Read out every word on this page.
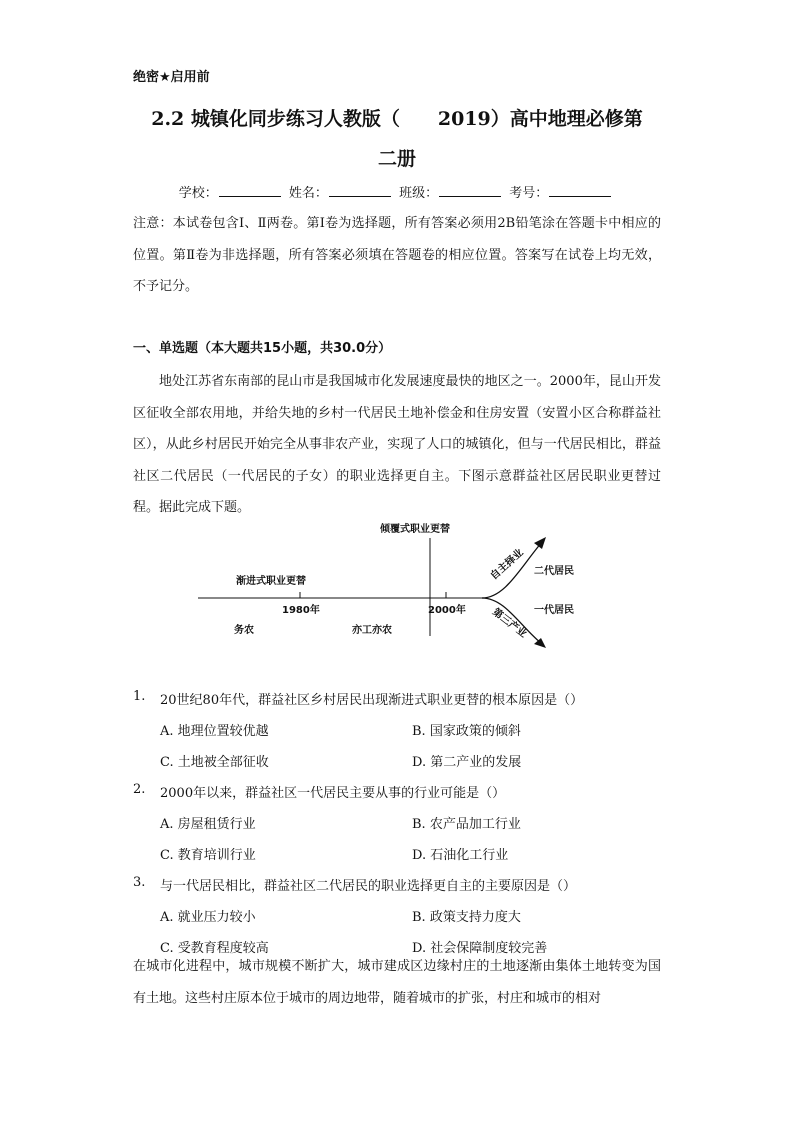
绝密★启用前
2.2 城镇化同步练习人教版（　　2019）高中地理必修第
二册
学校：	姓名：	班级：	考号：
注意：本试卷包含Ⅰ、Ⅱ两卷。第Ⅰ卷为选择题，所有答案必须用2B铅笔涂在答题卡中相应的位置。第Ⅱ卷为非选择题，所有答案必须填在答题卷的相应位置。答案写在试卷上均无效，不予记分。
一、单选题（本大题共15小题，共30.0分）
地处江苏省东南部的昆山市是我国城市化发展速度最快的地区之一。2000年，昆山开发区征收全部农用地，并给失地的乡村一代居民土地补偿金和住房安置（安置小区合称群益社区），从此乡村居民开始完全从事非农产业，实现了人口的城镇化，但与一代居民相比，群益社区二代居民（一代居民的子女）的职业选择更自主。下图示意群益社区居民职业更替过程。据此完成下题。
倾覆式职业更替
渐进式职业更替
1980年	2000年
务农	亦工亦农
自主择业
第三产业
二代居民
一代居民
1.	20世纪80年代，群益社区乡村居民出现渐进式职业更替的根本原因是（）
A. 地理位置较优越	B. 国家政策的倾斜
C. 土地被全部征收	D. 第二产业的发展
2.	2000年以来，群益社区一代居民主要从事的行业可能是（）
A. 房屋租赁行业	B. 农产品加工行业
C. 教育培训行业	D. 石油化工行业
3.	与一代居民相比，群益社区二代居民的职业选择更自主的主要原因是（）
A. 就业压力较小	B. 政策支持力度大
C. 受教育程度较高	D. 社会保障制度较完善
在城市化进程中，城市规模不断扩大，城市建成区边缘村庄的土地逐渐由集体土地转变为国有土地。这些村庄原本位于城市的周边地带，随着城市的扩张，村庄和城市的相对
